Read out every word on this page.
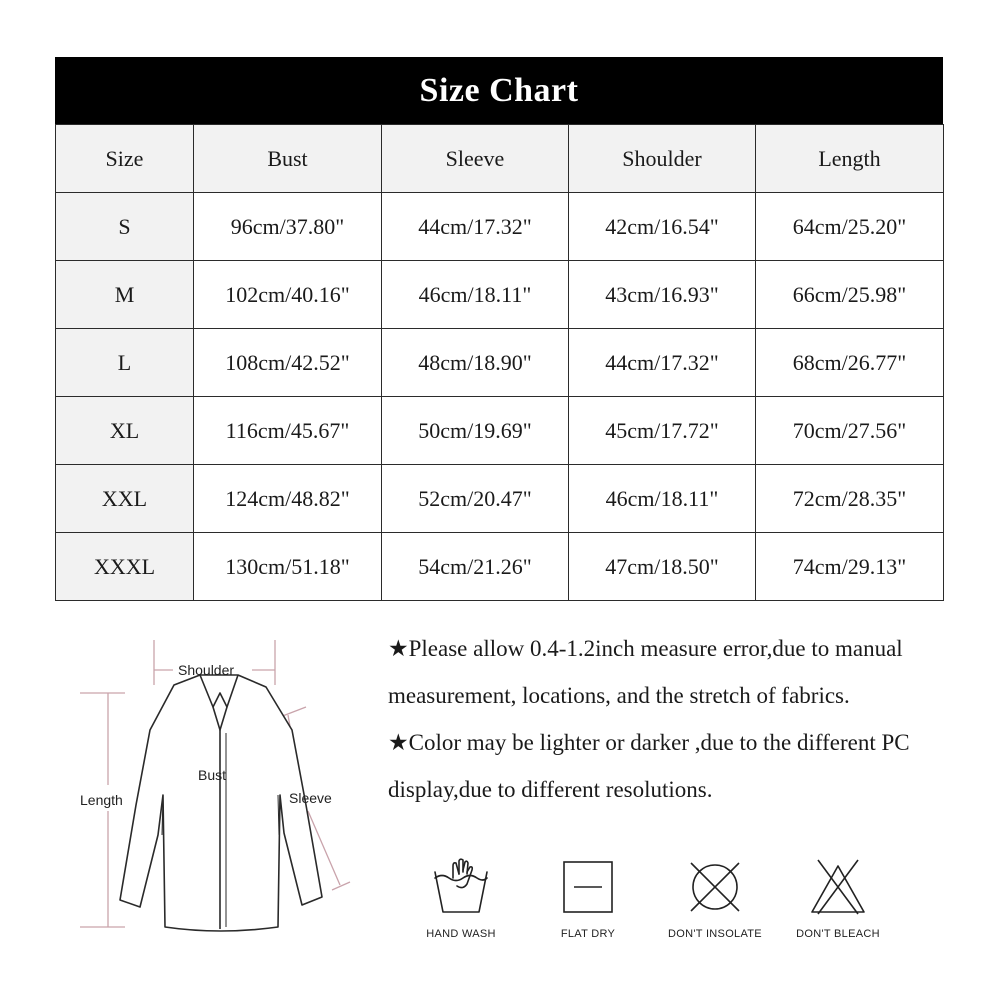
Size Chart
Size	Bust	Sleeve	Shoulder	Length
S	96cm/37.80"	44cm/17.32"	42cm/16.54"	64cm/25.20"
M	102cm/40.16"	46cm/18.11"	43cm/16.93"	66cm/25.98"
L	108cm/42.52"	48cm/18.90"	44cm/17.32"	68cm/26.77"
XL	116cm/45.67"	50cm/19.69"	45cm/17.72"	70cm/27.56"
XXL	124cm/48.82"	52cm/20.47"	46cm/18.11"	72cm/28.35"
XXXL	130cm/51.18"	54cm/21.26"	47cm/18.50"	74cm/29.13"
Shoulder
Bust
Length	Sleeve

★Please allow 0.4-1.2inch measure error,due to manual measurement, locations, and the stretch of fabrics.

★Color may be lighter or darker ,due to the different PC display,due to different resolutions.

HAND WASH	FLAT DRY	DON'T INSOLATE	DON'T BLEACH
